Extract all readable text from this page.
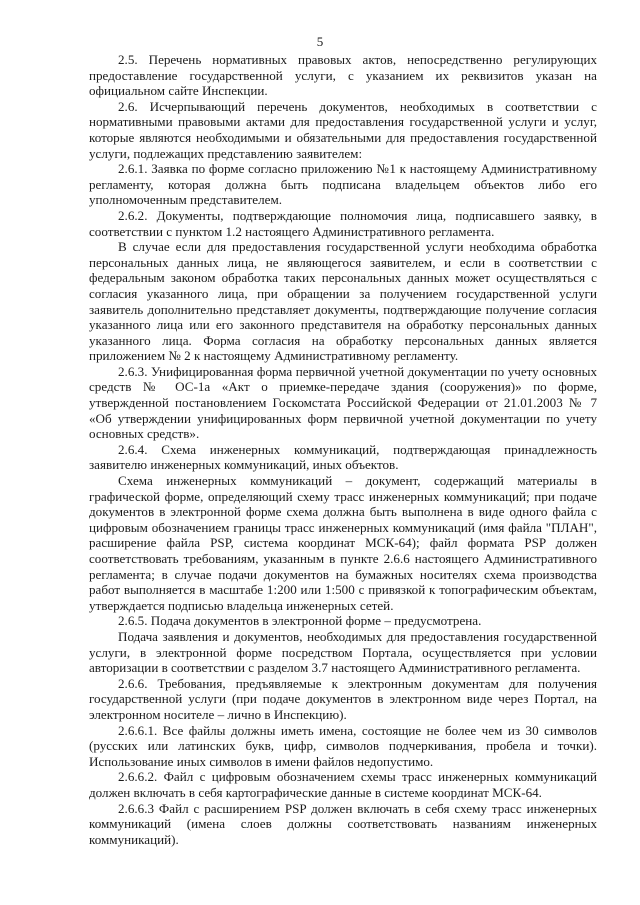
5

2.5. Перечень нормативных правовых актов, непосредственно регулирующих предоставление государственной услуги, с указанием их реквизитов указан на официальном сайте Инспекции.

2.6. Исчерпывающий перечень документов, необходимых в соответствии с нормативными правовыми актами для предоставления государственной услуги и услуг, которые являются необходимыми и обязательными для предоставления государственной услуги, подлежащих представлению заявителем:

2.6.1. Заявка по форме согласно приложению №1 к настоящему Административному регламенту, которая должна быть подписана владельцем объектов либо его уполномоченным представителем.

2.6.2. Документы, подтверждающие полномочия лица, подписавшего заявку, в соответствии с пунктом 1.2 настоящего Административного регламента.

В случае если для предоставления государственной услуги необходима обработка персональных данных лица, не являющегося заявителем, и если в соответствии с федеральным законом обработка таких персональных данных может осуществляться с согласия указанного лица, при обращении за получением государственной услуги заявитель дополнительно представляет документы, подтверждающие получение согласия указанного лица или его законного представителя на обработку персональных данных указанного лица. Форма согласия на обработку персональных данных является приложением № 2 к настоящему Административному регламенту.

2.6.3. Унифицированная форма первичной учетной документации по учету основных средств № ОС-1а «Акт о приемке-передаче здания (сооружения)» по форме, утвержденной постановлением Госкомстата Российской Федерации от 21.01.2003 № 7 «Об утверждении унифицированных форм первичной учетной документации по учету основных средств».

2.6.4. Схема инженерных коммуникаций, подтверждающая принадлежность заявителю инженерных коммуникаций, иных объектов.

Схема инженерных коммуникаций – документ, содержащий материалы в графической форме, определяющий схему трасс инженерных коммуникаций; при подаче документов в электронной форме схема должна быть выполнена в виде одного файла с цифровым обозначением границы трасс инженерных коммуникаций (имя файла "ПЛАН", расширение файла PSP, система координат МСК-64); файл формата PSP должен соответствовать требованиям, указанным в пункте 2.6.6 настоящего Административного регламента; в случае подачи документов на бумажных носителях схема производства работ выполняется в масштабе 1:200 или 1:500 с привязкой к топографическим объектам, утверждается подписью владельца инженерных сетей.

2.6.5. Подача документов в электронной форме – предусмотрена.

Подача заявления и документов, необходимых для предоставления государственной услуги, в электронной форме посредством Портала, осуществляется при условии авторизации в соответствии с разделом 3.7 настоящего Административного регламента.

2.6.6. Требования, предъявляемые к электронным документам для получения государственной услуги (при подаче документов в электронном виде через Портал, на электронном носителе – лично в Инспекцию).

2.6.6.1. Все файлы должны иметь имена, состоящие не более чем из 30 символов (русских или латинских букв, цифр, символов подчеркивания, пробела и точки). Использование иных символов в имени файлов недопустимо.

2.6.6.2. Файл с цифровым обозначением схемы трасс инженерных коммуникаций должен включать в себя картографические данные в системе координат МСК-64.

2.6.6.3 Файл с расширением PSP должен включать в себя схему трасс инженерных коммуникаций (имена слоев должны соответствовать названиям инженерных коммуникаций).
